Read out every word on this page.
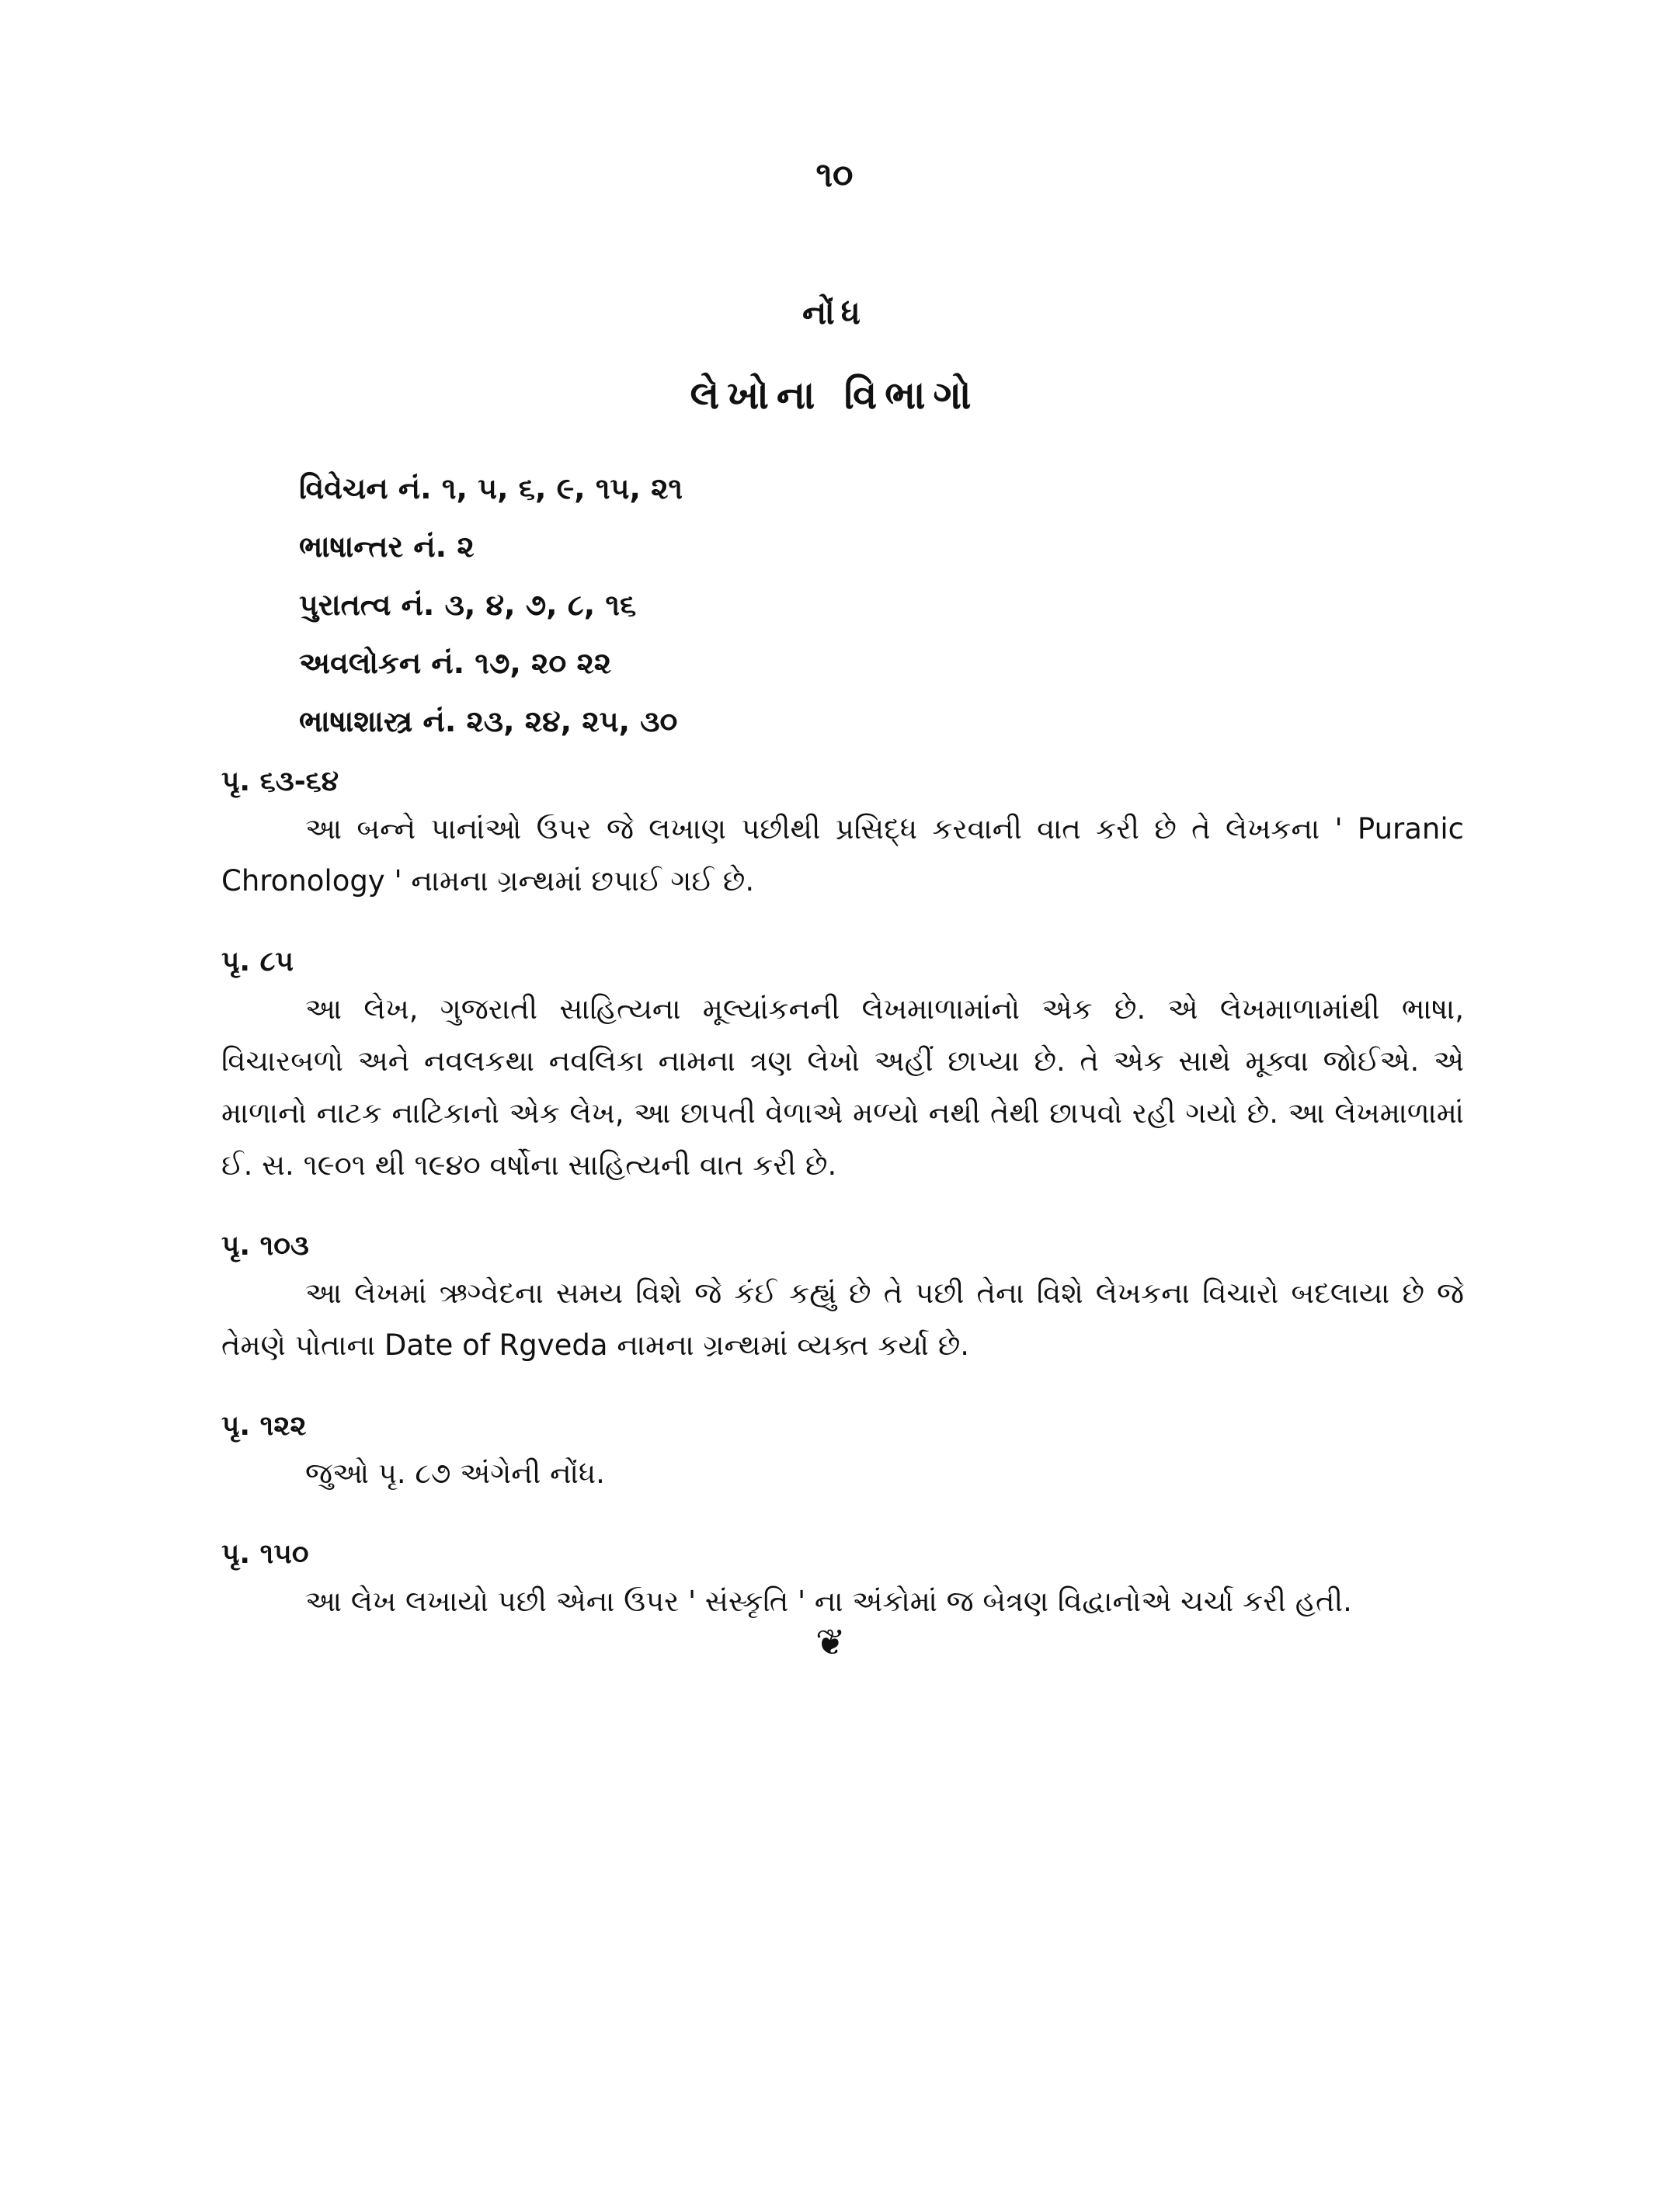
૧૦
નોંધ
લેખોના વિભાગો
વિવેચન નં. ૧, ૫, ૬, ૯, ૧૫, ૨૧
ભાષાન્તર નં. ૨
પુરાતત્વ નં. ૩, ૪, ૭, ૮, ૧૬
અવલોકન નં. ૧૭, ૨૦ ૨૨
ભાષાશાસ્ત્ર નં. ૨૩, ૨૪, ૨૫, ૩૦
પૃ. ૬૩-૬૪
આ બન્ને પાનાંઓ ઉપર જે લખાણ પછીથી પ્રસિદ્ધ કરવાની વાત કરી છે તે લેખકના ' Puranic Chronology ' નામના ગ્રન્થમાં છપાઈ ગઈ છે.
પૃ. ૮૫
આ લેખ, ગુજરાતી સાહિત્યના મૂલ્યાંકનની લેખમાળામાંનો એક છે. એ લેખમાળામાંથી ભાષા, વિચારબળો અને નવલકથા નવલિકા નામના ત્રણ લેખો અહીં છાપ્યા છે. તે એક સાથે મૂક્વા જોઈએ. એ માળાનો નાટક નાટિકાનો એક લેખ, આ છાપતી વેળાએ મળ્યો નથી તેથી છાપવો રહી ગયો છે. આ લેખમાળામાં ઈ. સ. ૧૯૦૧ થી ૧૯૪૦ વર્ષોના સાહિત્યની વાત કરી છે.
પૃ. ૧૦૩
આ લેખમાં ઋગ્વેદના સમય વિશે જે કંઈ કહ્યું છે તે પછી તેના વિશે લેખકના વિચારો બદલાયા છે જે તેમણે પોતાના Date of Rgveda નામના ગ્રન્થમાં વ્યક્ત કર્યા છે.
પૃ. ૧૨૨
જુઓ પૃ. ૮૭ અંગેની નોંધ.
પૃ. ૧૫૦
આ લેખ લખાયો પછી એના ઉપર ' સંસ્કૃતિ ' ના અંકોમાં જ બેત્રણ વિદ્વાનોએ ચર્ચા કરી હતી.
❦
